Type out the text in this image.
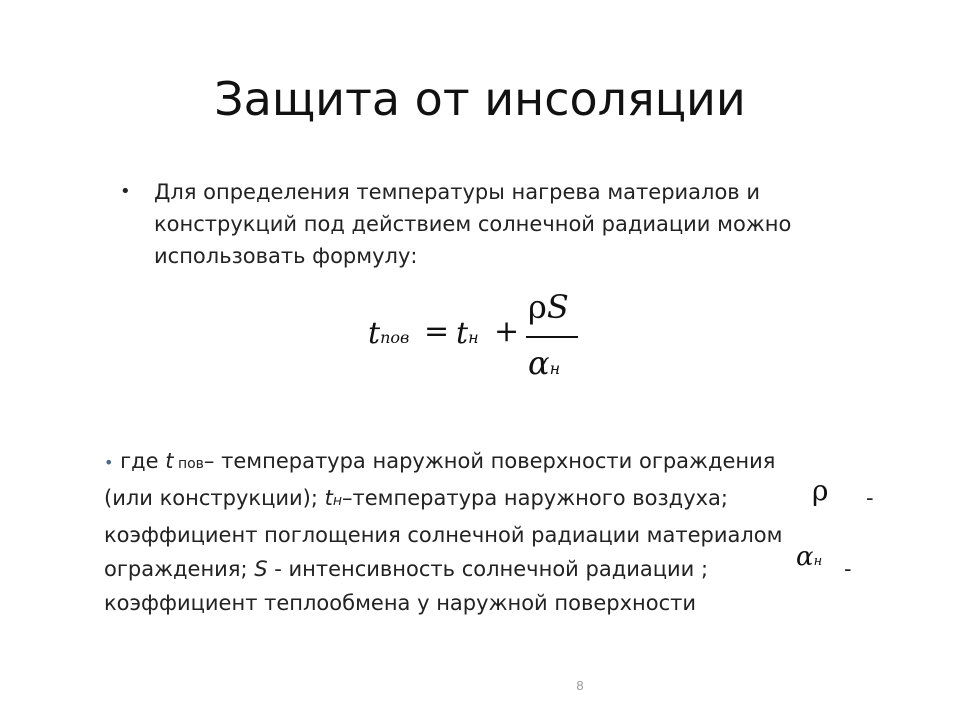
Защита от инсоляции
• Для определения температуры нагрева материалов и конструкций под действием солнечной радиации можно использовать формулу:
tпов = tн +
ρS
αн
• где t пов– температура наружной поверхности ограждения
(или конструкции); tн–температура наружного воздуха;	-
коэффициент поглощения солнечной радиации материалом
ограждения; S - интенсивность солнечной радиации ;	-
коэффициент теплообмена у наружной поверхности
ρ
αн
8
